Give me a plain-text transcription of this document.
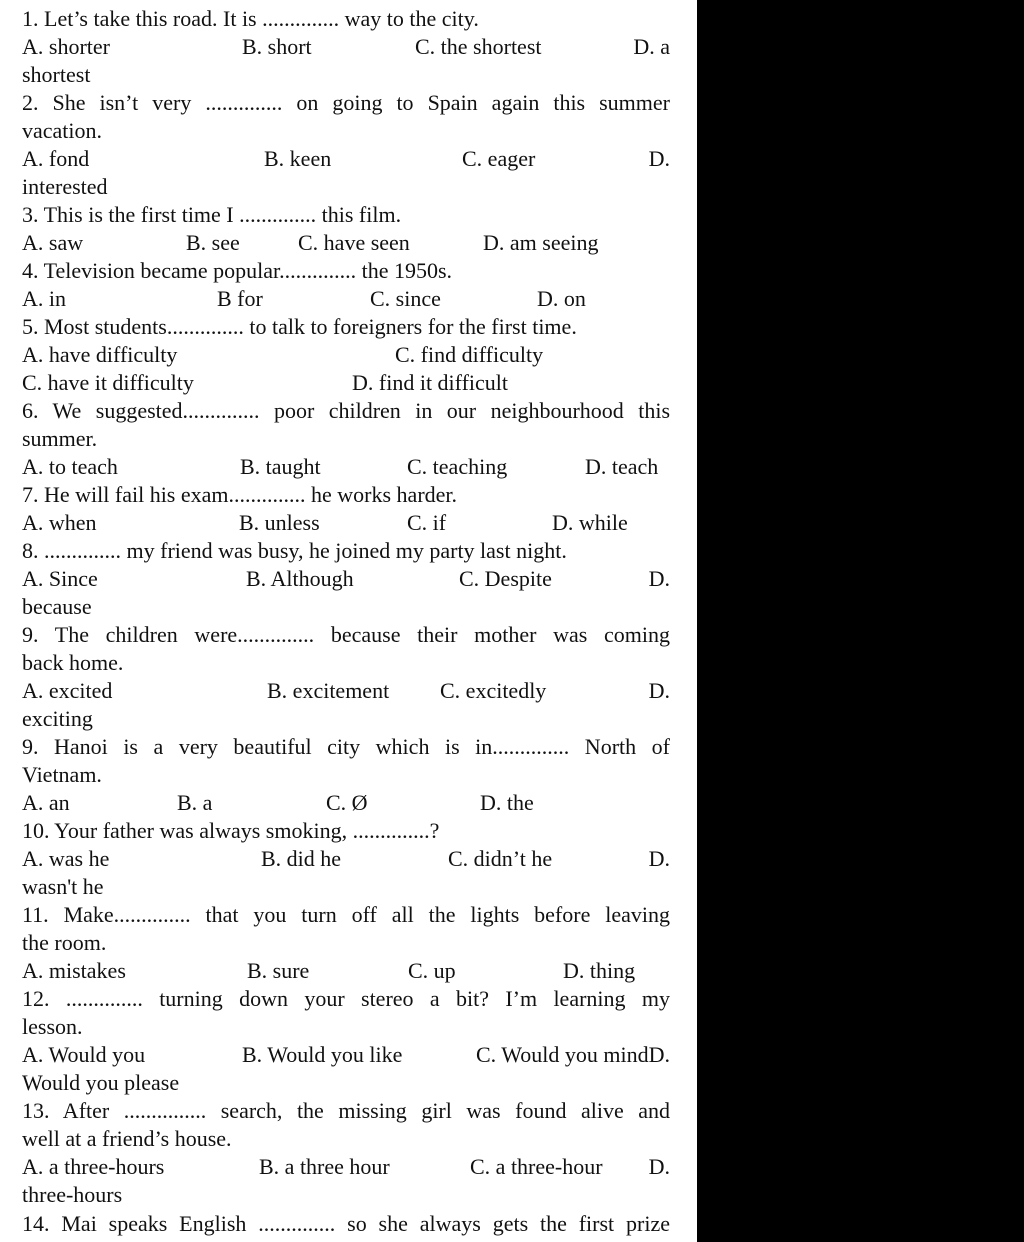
1. Let’s take this road. It is .............. way to the city.
A. shorter	B. short	C. the shortest	D. a
shortest
2. She isn’t very .............. on going to Spain again this summer
vacation.
A. fond	B. keen	C. eager	D.
interested
3. This is the first time I .............. this film.
A. saw	B. see	C. have seen	D. am seeing
4. Television became popular.............. the 1950s.
A. in	B for	C. since	D. on
5. Most students.............. to talk to foreigners for the first time.
A. have difficulty	C. find difficulty
C. have it difficulty	D. find it difficult
6. We suggested.............. poor children in our neighbourhood this
summer.
A. to teach	B. taught	C. teaching	D. teach
7. He will fail his exam.............. he works harder.
A. when	B. unless	C. if	D. while
8. .............. my friend was busy, he joined my party last night.
A. Since	B. Although	C. Despite	D.
because
9. The children were.............. because their mother was coming
back home.
A. excited	B. excitement C. excitedly	D.
exciting
9. Hanoi is a very beautiful city which is in.............. North of
Vietnam.
A. an	B. a	C. Ø	D. the
10. Your father was always smoking, ..............?
A. was he	B. did he	C. didn’t he	D.
wasn't he
11. Make.............. that you turn off all the lights before leaving
the room.
A. mistakes	B. sure	C. up	D. thing
12. .............. turning down your stereo a bit? I’m learning my
lesson.
A. Would you	B. Would you like	C. Would you mindD.
Would you please
13. After ............... search, the missing girl was found alive and
well at a friend’s house.
A. a three-hours	B. a three hour	C. a three-hour D.
three-hours
14. Mai speaks English .............. so she always gets the first prize
